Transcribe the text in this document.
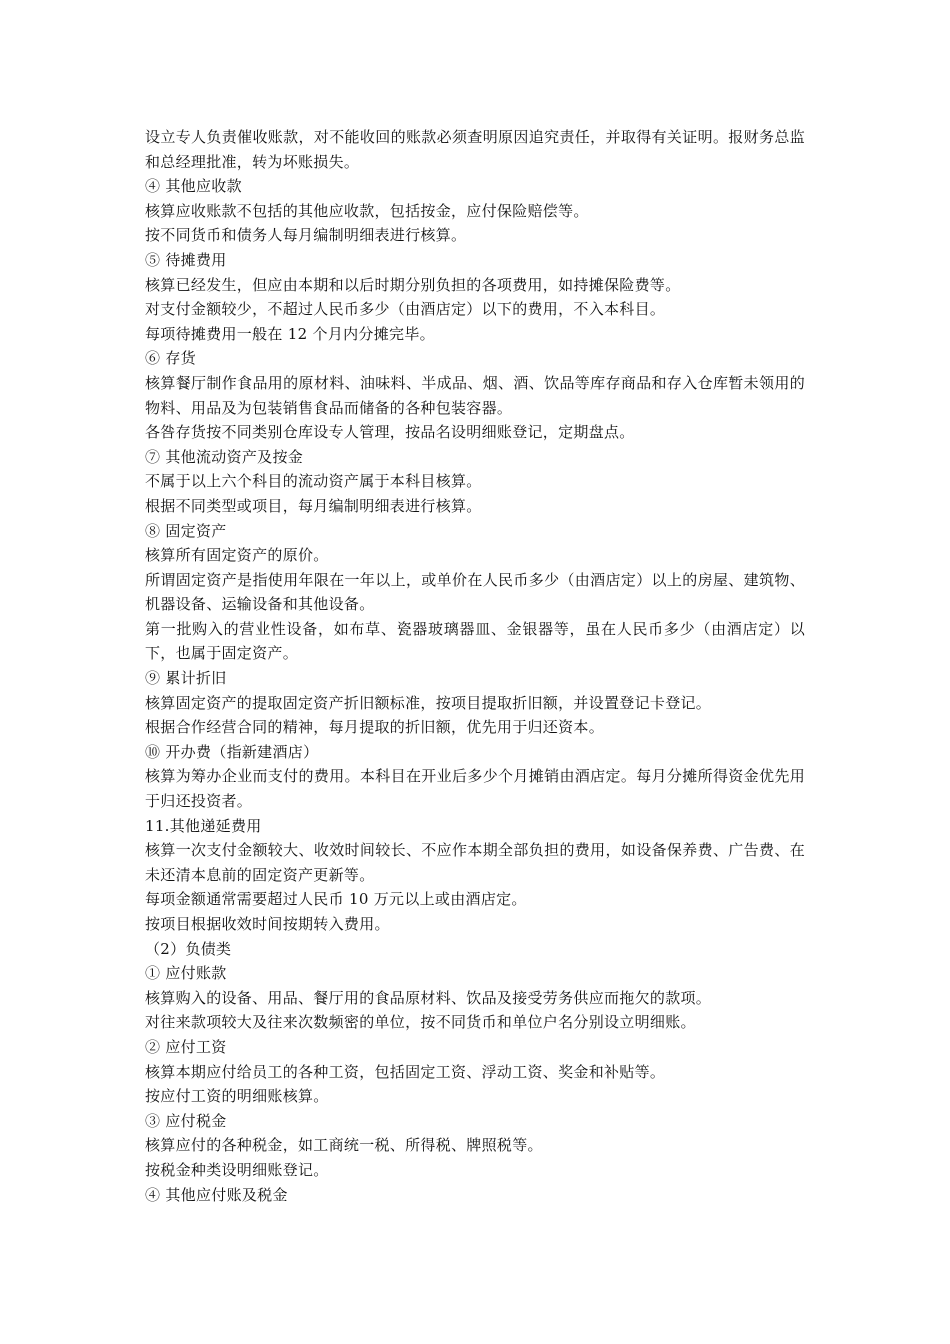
设立专人负责催收账款，对不能收回的账款必须查明原因追究责任，并取得有关证明。报财务总监和总经理批准，转为坏账损失。
④ 其他应收款
核算应收账款不包括的其他应收款，包括按金，应付保险赔偿等。
按不同货币和债务人每月编制明细表进行核算。
⑤ 待摊费用
核算已经发生，但应由本期和以后时期分别负担的各项费用，如持摊保险费等。
对支付金额较少，不超过人民币多少（由酒店定）以下的费用，不入本科目。
每项待摊费用一般在 12 个月内分摊完毕。
⑥ 存货
核算餐厅制作食品用的原材料、油味料、半成品、烟、酒、饮品等库存商品和存入仓库暂未领用的物料、用品及为包装销售食品而储备的各种包装容器。
各咎存货按不同类别仓库设专人管理，按品名设明细账登记，定期盘点。
⑦ 其他流动资产及按金
不属于以上六个科目的流动资产属于本科目核算。
根据不同类型或项目，每月编制明细表进行核算。
⑧ 固定资产
核算所有固定资产的原价。
所谓固定资产是指使用年限在一年以上，或单价在人民币多少（由酒店定）以上的房屋、建筑物、机器设备、运输设备和其他设备。
第一批购入的营业性设备，如布草、瓷器玻璃器皿、金银器等，虽在人民币多少（由酒店定）以下，也属于固定资产。
⑨ 累计折旧
核算固定资产的提取固定资产折旧额标准，按项目提取折旧额，并设置登记卡登记。
根据合作经营合同的精神，每月提取的折旧额，优先用于归还资本。
⑩ 开办费（指新建酒店）
核算为筹办企业而支付的费用。本科目在开业后多少个月摊销由酒店定。每月分摊所得资金优先用于归还投资者。
11.其他递延费用
核算一次支付金额较大、收效时间较长、不应作本期全部负担的费用，如设备保养费、广告费、在未还清本息前的固定资产更新等。
每项金额通常需要超过人民币 10 万元以上或由酒店定。
按项目根据收效时间按期转入费用。
（2）负债类
① 应付账款
核算购入的设备、用品、餐厅用的食品原材料、饮品及接受劳务供应而拖欠的款项。
对往来款项较大及往来次数频密的单位，按不同货币和单位户名分别设立明细账。
② 应付工资
核算本期应付给员工的各种工资，包括固定工资、浮动工资、奖金和补贴等。
按应付工资的明细账核算。
③ 应付税金
核算应付的各种税金，如工商统一税、所得税、牌照税等。
按税金种类设明细账登记。
④ 其他应付账及税金
